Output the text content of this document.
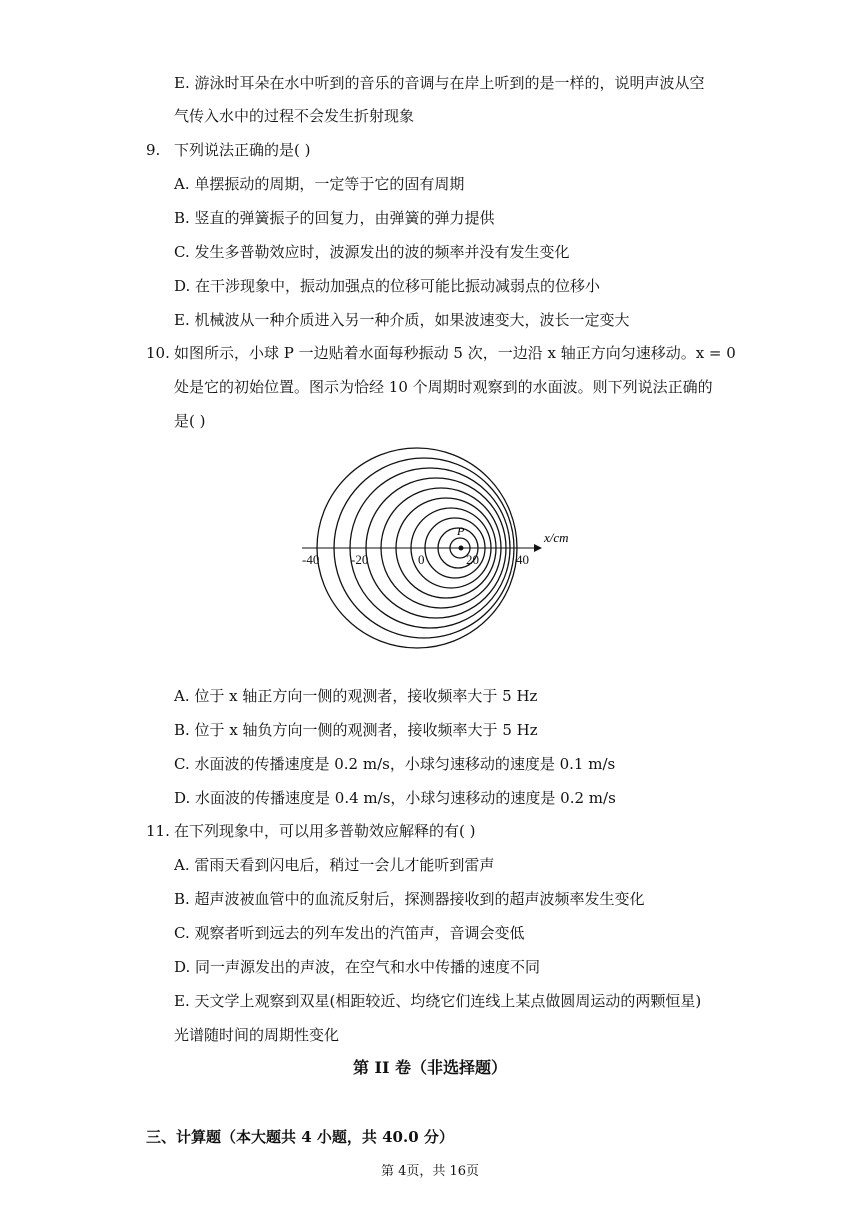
E. 游泳时耳朵在水中听到的音乐的音调与在岸上听到的是一样的，说明声波从空
气传入水中的过程不会发生折射现象
9. 下列说法正确的是( )
A. 单摆振动的周期，一定等于它的固有周期
B. 竖直的弹簧振子的回复力，由弹簧的弹力提供
C. 发生多普勒效应时，波源发出的波的频率并没有发生变化
D. 在干涉现象中，振动加强点的位移可能比振动减弱点的位移小
E. 机械波从一种介质进入另一种介质，如果波速变大，波长一定变大
10. 如图所示，小球 P 一边贴着水面每秒振动 5 次，一边沿 x 轴正方向匀速移动。x = 0
处是它的初始位置。图示为恰经 10 个周期时观察到的水面波。则下列说法正确的
是( )
x/cm
P
-40 -20	0	20	40
A. 位于 x 轴正方向一侧的观测者，接收频率大于 5 Hz
B. 位于 x 轴负方向一侧的观测者，接收频率大于 5 Hz
C. 水面波的传播速度是 0.2 m/s，小球匀速移动的速度是 0.1 m/s
D. 水面波的传播速度是 0.4 m/s，小球匀速移动的速度是 0.2 m/s
11. 在下列现象中，可以用多普勒效应解释的有( )
A. 雷雨天看到闪电后，稍过一会儿才能听到雷声
B. 超声波被血管中的血流反射后，探测器接收到的超声波频率发生变化
C. 观察者听到远去的列车发出的汽笛声，音调会变低
D. 同一声源发出的声波，在空气和水中传播的速度不同
E. 天文学上观察到双星(相距较近、均绕它们连线上某点做圆周运动的两颗恒星)
光谱随时间的周期性变化
第 II 卷（非选择题）
三、计算题（本大题共 4 小题，共 40.0 分）
第 4页，共 16页
